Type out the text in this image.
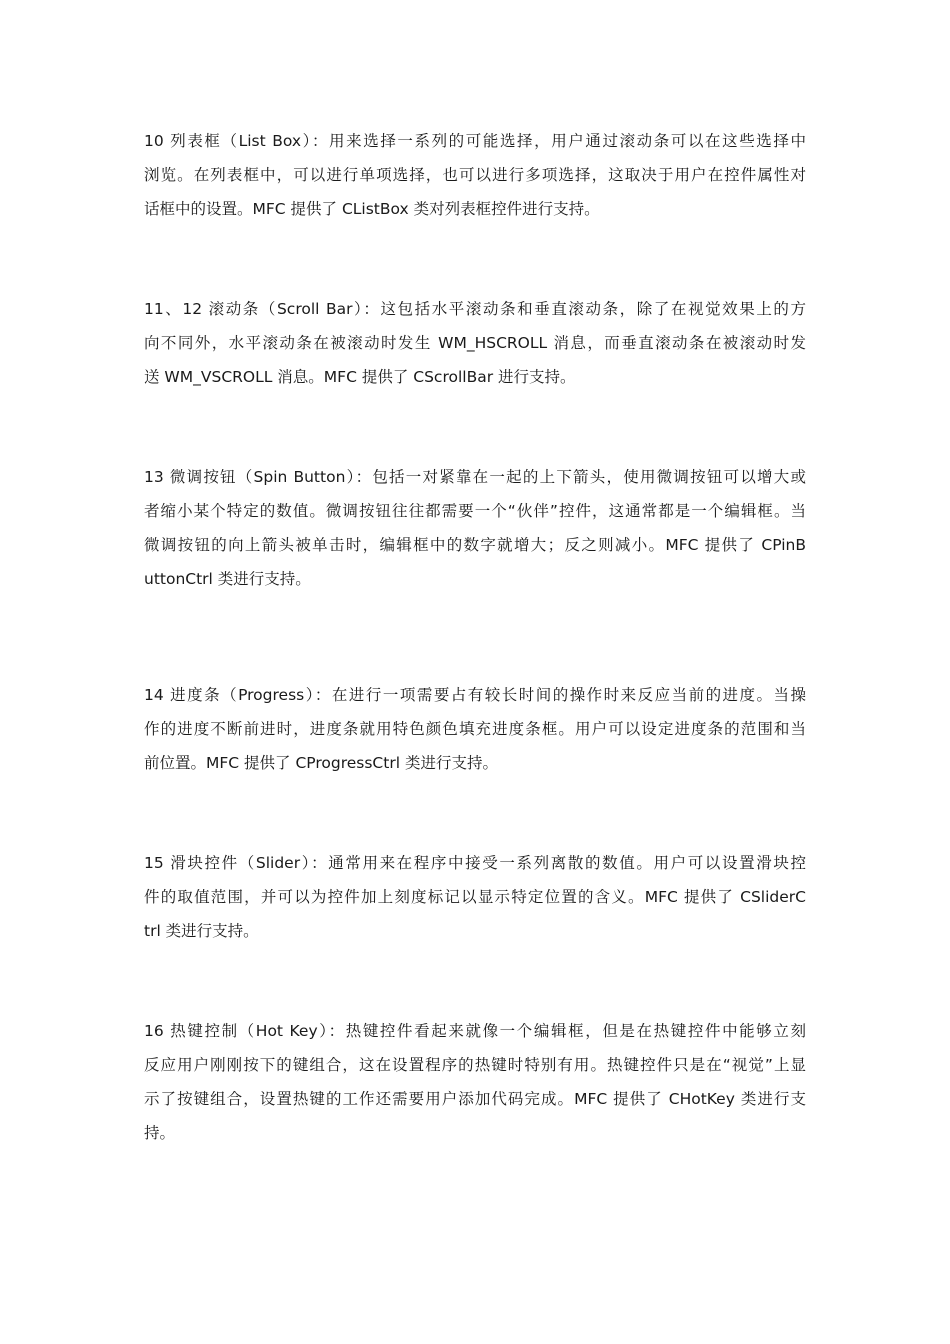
10 列表框（List Box）：用来选择一系列的可能选择，用户通过滚动条可以在这些选择中
浏览。在列表框中，可以进行单项选择，也可以进行多项选择，这取决于用户在控件属性对
话框中的设置。MFC 提供了 CListBox 类对列表框控件进行支持。
11、12 滚动条（Scroll Bar）：这包括水平滚动条和垂直滚动条，除了在视觉效果上的方
向不同外，水平滚动条在被滚动时发生 WM_HSCROLL 消息，而垂直滚动条在被滚动时发
送 WM_VSCROLL 消息。MFC 提供了 CScrollBar 进行支持。
13 微调按钮（Spin Button）：包括一对紧靠在一起的上下箭头，使用微调按钮可以增大或
者缩小某个特定的数值。微调按钮往往都需要一个“伙伴”控件，这通常都是一个编辑框。当
微调按钮的向上箭头被单击时，编辑框中的数字就增大；反之则减小。MFC 提供了 CPinB
uttonCtrl 类进行支持。
14 进度条（Progress）：在进行一项需要占有较长时间的操作时来反应当前的进度。当操
作的进度不断前进时，进度条就用特色颜色填充进度条框。用户可以设定进度条的范围和当
前位置。MFC 提供了 CProgressCtrl 类进行支持。
15 滑块控件（Slider）：通常用来在程序中接受一系列离散的数值。用户可以设置滑块控
件的取值范围，并可以为控件加上刻度标记以显示特定位置的含义。MFC 提供了 CSliderC
trl 类进行支持。
16 热键控制（Hot Key）：热键控件看起来就像一个编辑框，但是在热键控件中能够立刻
反应用户刚刚按下的键组合，这在设置程序的热键时特别有用。热键控件只是在“视觉”上显
示了按键组合，设置热键的工作还需要用户添加代码完成。MFC 提供了 CHotKey 类进行支
持。
